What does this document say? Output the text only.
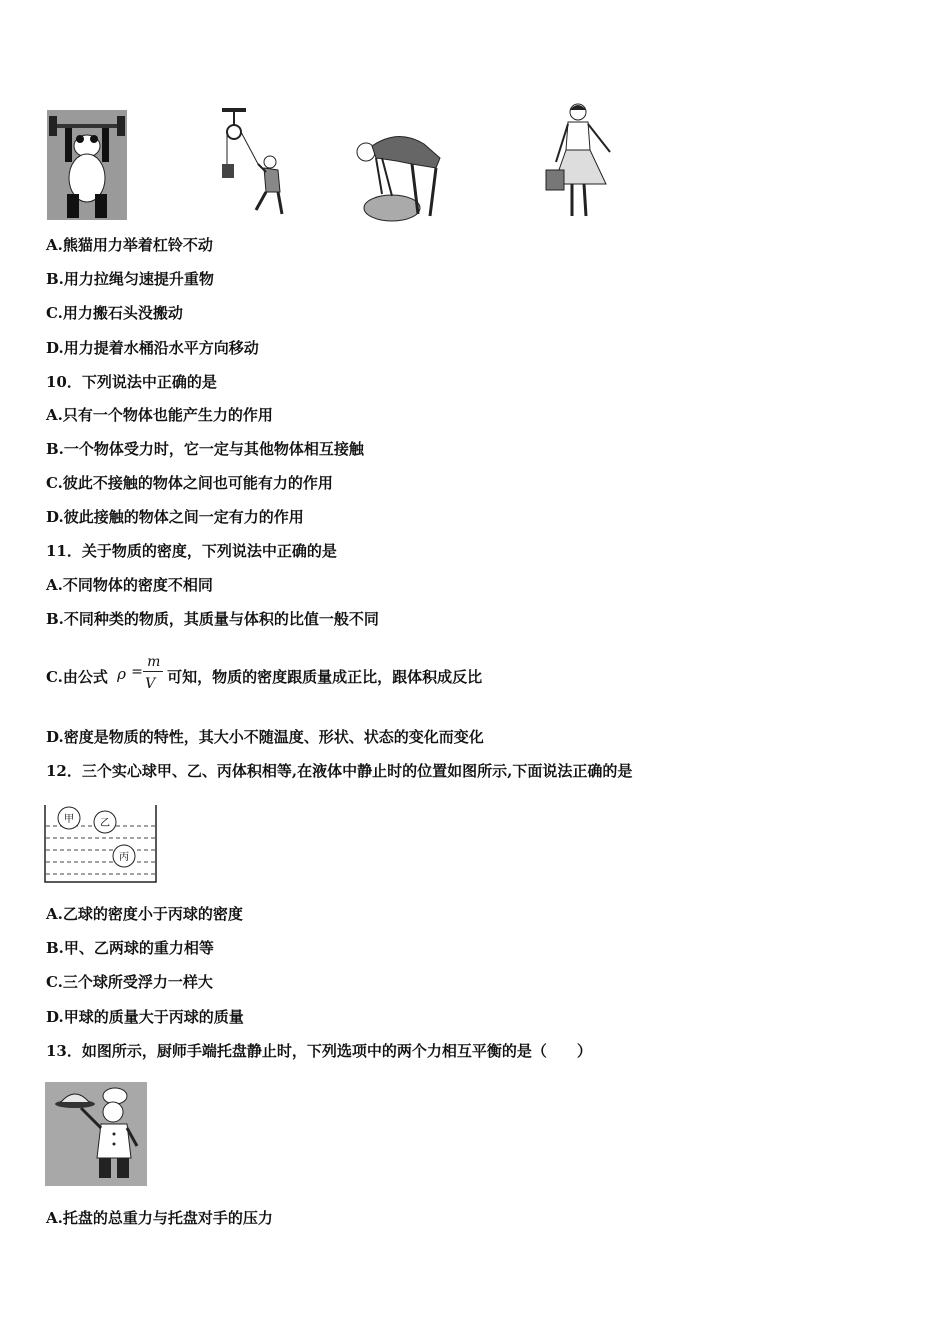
A.熊猫用力举着杠铃不动
B.用力拉绳匀速提升重物
C.用力搬石头没搬动
D.用力提着水桶沿水平方向移动
10．下列说法中正确的是
A.只有一个物体也能产生力的作用
B.一个物体受力时，它一定与其他物体相互接触
C.彼此不接触的物体之间也可能有力的作用
D.彼此接触的物体之间一定有力的作用
11．关于物质的密度，下列说法中正确的是
A.不同物体的密度不相同
B.不同种类的物质，其质量与体积的比值一般不同
C.由公式 ρ =
m
V 可知，物质的密度跟质量成正比，跟体积成反比
D.密度是物质的特性，其大小不随温度、形状、状态的变化而变化
12．三个实心球甲、乙、丙体积相等,在液体中静止时的位置如图所示,下面说法正确的是
甲	乙
丙
A.乙球的密度小于丙球的密度
B.甲、乙两球的重力相等
C.三个球所受浮力一样大
D.甲球的质量大于丙球的质量
13．如图所示，厨师手端托盘静止时，下列选项中的两个力相互平衡的是（　　）
A.托盘的总重力与托盘对手的压力
